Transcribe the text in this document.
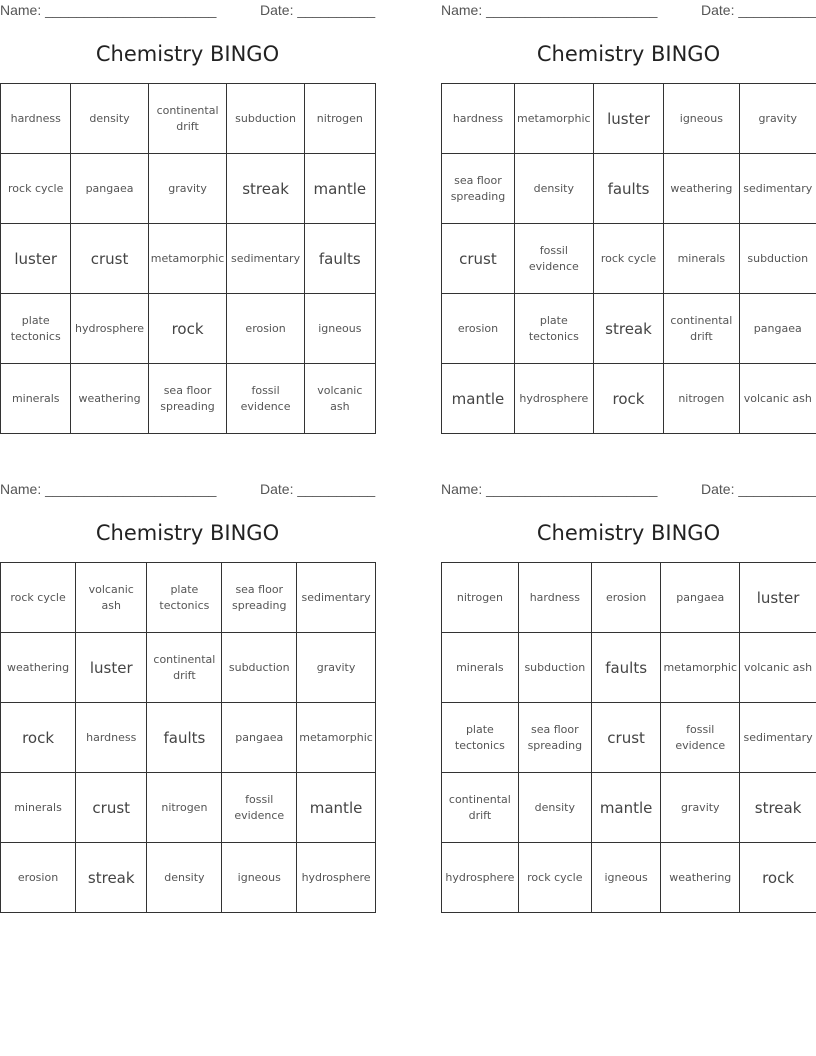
Name: ______________________	Date: __________
Chemistry BINGO
hardness	density	continental drift	subduction	nitrogen
rock cycle	pangaea	gravity	streak	mantle
luster	crust	metamorphic	sedimentary	faults
plate tectonics	hydrosphere	rock	erosion	igneous
minerals	weathering	sea floor spreading	fossil evidence	volcanic ash
Name: ______________________	Date: __________
Chemistry BINGO
hardness	metamorphic	luster	igneous	gravity
sea floor spreading	density	faults	weathering	sedimentary
crust	fossil evidence	rock cycle	minerals	subduction
erosion	plate tectonics	streak	continental drift	pangaea
mantle	hydrosphere	rock	nitrogen	volcanic ash
Name: ______________________	Date: __________
Chemistry BINGO
rock cycle	volcanic ash	plate tectonics	sea floor spreading	sedimentary
weathering	luster	continental drift	subduction	gravity
rock	hardness	faults	pangaea	metamorphic
minerals	crust	nitrogen	fossil evidence	mantle
erosion	streak	density	igneous	hydrosphere
Name: ______________________	Date: __________
Chemistry BINGO
nitrogen	hardness	erosion	pangaea	luster
minerals	subduction	faults	metamorphic	volcanic ash
plate tectonics	sea floor spreading	crust	fossil evidence	sedimentary
continental drift	density	mantle	gravity	streak
hydrosphere	rock cycle	igneous	weathering	rock
